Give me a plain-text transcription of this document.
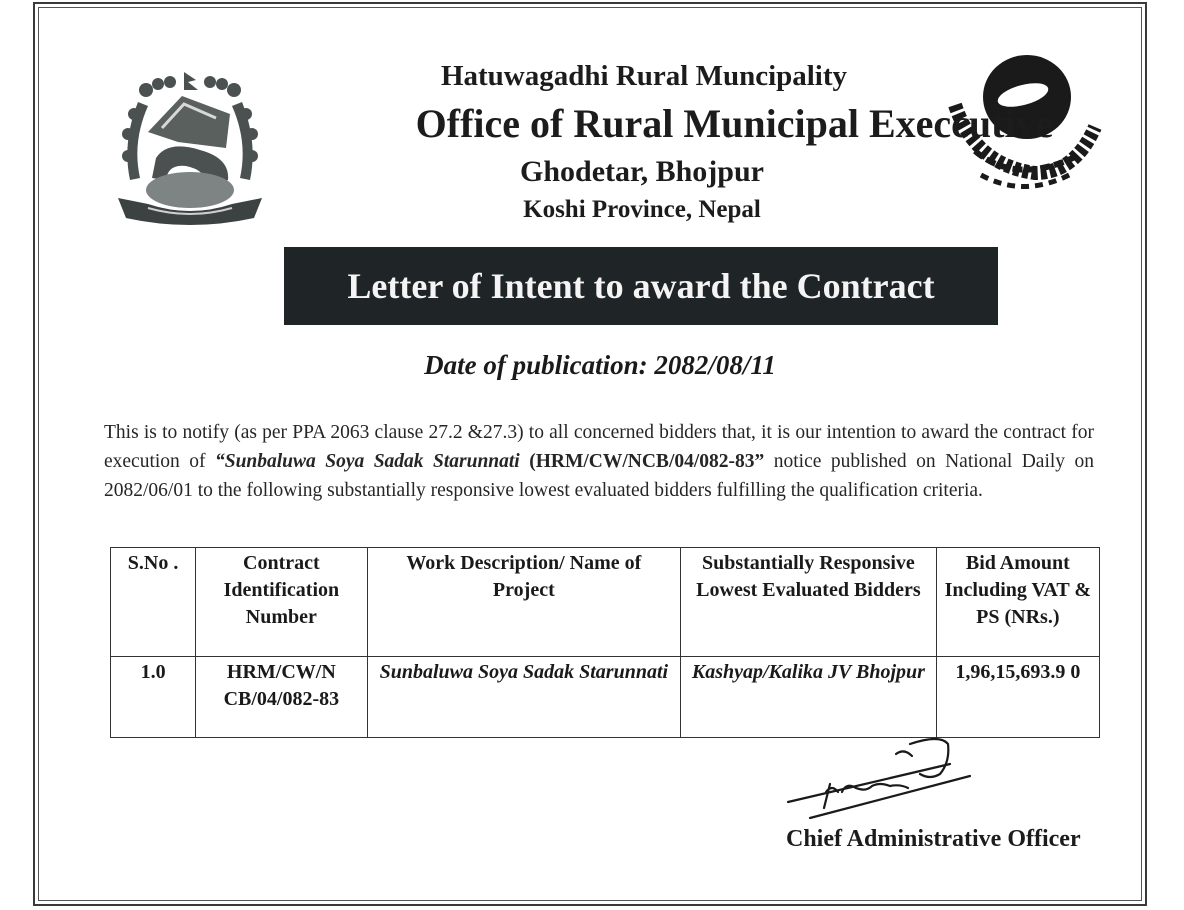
Hatuwagadhi Rural Muncipality
Office of Rural Municipal Execcutive
Ghodetar, Bhojpur
Koshi Province, Nepal
Letter of Intent to award the Contract
Date of publication: 2082/08/11
This is to notify (as per PPA 2063 clause 27.2 &27.3) to all concerned bidders that, it is our intention to award the contract for execution of “Sunbaluwa Soya Sadak Starunnati (HRM/CW/NCB/04/082-83” notice published on National Daily on 2082/06/01 to the following substantially responsive lowest evaluated bidders fulfilling the qualification criteria.
S.No .	Contract Identification Number	Work Description/ Name of Project	Substantially Responsive Lowest Evaluated Bidders	Bid Amount Including VAT & PS (NRs.)
1.0	HRM/CW/N CB/04/082-83	Sunbaluwa Soya Sadak Starunnati	Kashyap/Kalika JV Bhojpur	1,96,15,693.9 0
Chief Administrative Officer
